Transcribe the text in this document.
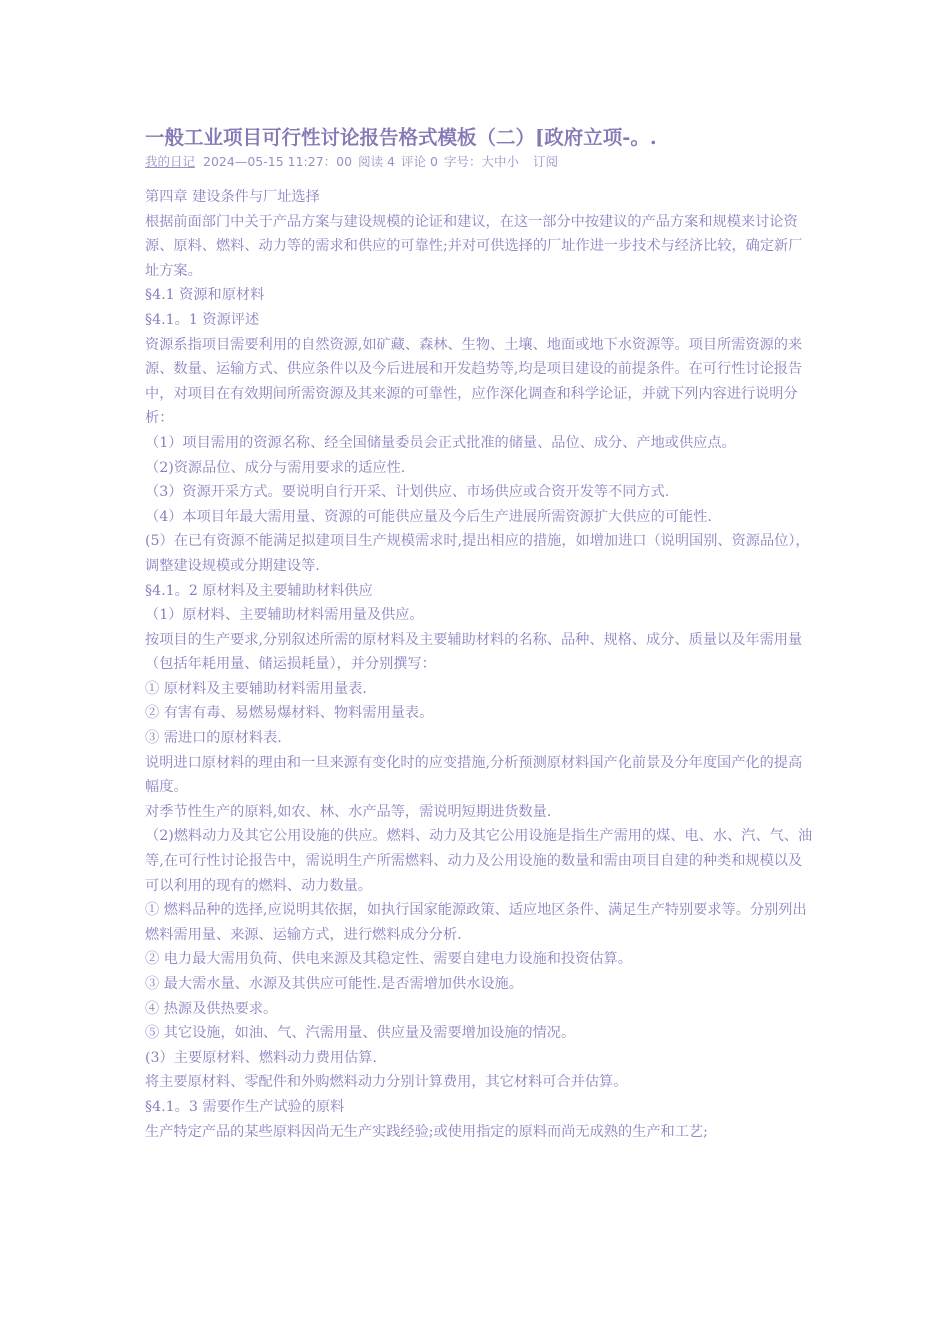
一般工业项目可行性讨论报告格式模板（二）[政府立项-。.
我的日记 2024—05-15 11:27：00 阅读 4 评论 0 字号：大中小 订阅

第四章 建设条件与厂址选择

根据前面部门中关于产品方案与建设规模的论证和建议，在这一部分中按建议的产品方案和规模来讨论资源、原料、燃料、动力等的需求和供应的可靠性;并对可供选择的厂址作进一步技术与经济比较，确定新厂址方案。

§4.1 资源和原材料

§4.1。1 资源评述

资源系指项目需要利用的自然资源,如矿藏、森林、生物、土壤、地面或地下水资源等。项目所需资源的来源、数量、运输方式、供应条件以及今后进展和开发趋势等,均是项目建设的前提条件。在可行性讨论报告中，对项目在有效期间所需资源及其来源的可靠性，应作深化调查和科学论证，并就下列内容进行说明分析：

（1）项目需用的资源名称、经全国储量委员会正式批准的储量、品位、成分、产地或供应点。

（2)资源品位、成分与需用要求的适应性.

（3）资源开采方式。要说明自行开采、计划供应、市场供应或合资开发等不同方式.

（4）本项目年最大需用量、资源的可能供应量及今后生产进展所需资源扩大供应的可能性.

(5）在已有资源不能满足拟建项目生产规模需求时,提出相应的措施，如增加进口（说明国别、资源品位），调整建设规模或分期建设等.

§4.1。2 原材料及主要辅助材料供应

（1）原材料、主要辅助材料需用量及供应。

按项目的生产要求,分别叙述所需的原材料及主要辅助材料的名称、品种、规格、成分、质量以及年需用量（包括年耗用量、储运损耗量），并分别撰写：

① 原材料及主要辅助材料需用量表.

② 有害有毒、易燃易爆材料、物料需用量表。

③ 需进口的原材料表.

说明进口原材料的理由和一旦来源有变化时的应变措施,分析预测原材料国产化前景及分年度国产化的提高幅度。

对季节性生产的原料,如农、林、水产品等，需说明短期进货数量.

（2)燃料动力及其它公用设施的供应。燃料、动力及其它公用设施是指生产需用的煤、电、水、汽、气、油等,在可行性讨论报告中，需说明生产所需燃料、动力及公用设施的数量和需由项目自建的种类和规模以及可以利用的现有的燃料、动力数量。

① 燃料品种的选择,应说明其依据，如执行国家能源政策、适应地区条件、满足生产特别要求等。分别列出燃料需用量、来源、运输方式，进行燃料成分分析.

② 电力最大需用负荷、供电来源及其稳定性、需要自建电力设施和投资估算。

③ 最大需水量、水源及其供应可能性.是否需增加供水设施。

④ 热源及供热要求。

⑤ 其它设施，如油、气、汽需用量、供应量及需要增加设施的情况。

(3）主要原材料、燃料动力费用估算.

将主要原材料、零配件和外购燃料动力分别计算费用，其它材料可合并估算。

§4.1。3 需要作生产试验的原料

生产特定产品的某些原料因尚无生产实践经验;或使用指定的原料而尚无成熟的生产和工艺;
